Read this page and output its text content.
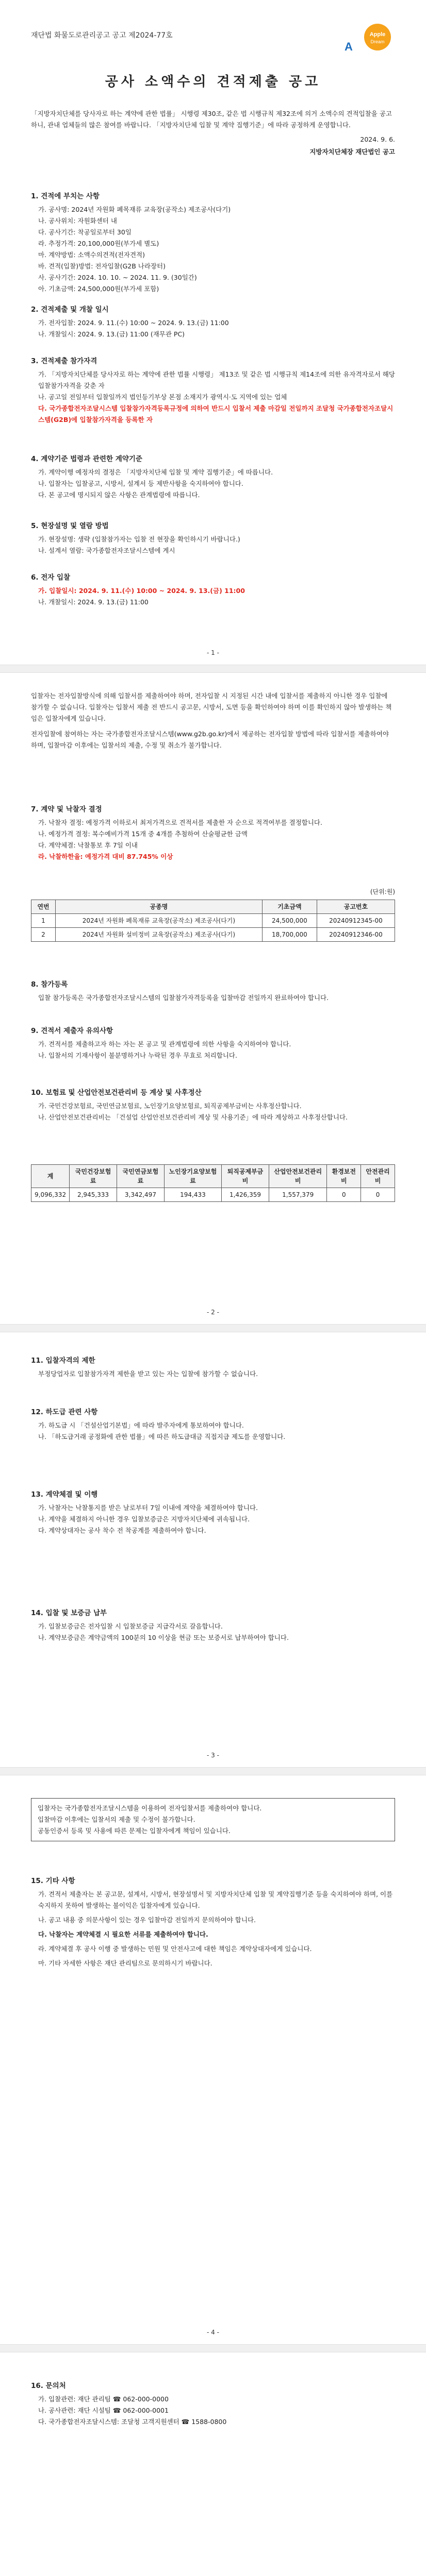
재단법 화물도로관리공고 공고 제2024-77호	Apple
Dream
A
공사 소액수의 견적제출 공고

「지방자치단체를 당사자로 하는 계약에 관한 법률」 시행령 제30조, 같은 법 시행규칙 제32조에 의거 소액수의 견적입찰을 공고하니, 관내 업체들의 많은 참여를 바랍니다. 「지방자치단체 입찰 및 계약 집행기준」에 따라 공정하게 운영합니다.

2024. 9. 6.

지방자치단체장 재단법인 공고

1. 견적에 부치는 사항

가. 공사명: 2024년 자원화 폐목재류 교육장(공작소) 제조공사(다기)

나. 공사위치: 자원화센터 내

다. 공사기간: 착공일로부터 30일

라. 추정가격: 20,100,000원(부가세 별도)

마. 계약방법: 소액수의견적(전자견적)

바. 견적(입찰)방법: 전자입찰(G2B 나라장터)

사. 공사기간: 2024. 10. 10. ~ 2024. 11. 9. (30일간)

아. 기초금액: 24,500,000원(부가세 포함)

2. 견적제출 및 개찰 일시

가. 전자입찰: 2024. 9. 11.(수) 10:00 ~ 2024. 9. 13.(금) 11:00

나. 개찰일시: 2024. 9. 13.(금) 11:00 (재무관 PC)

3. 견적제출 참가자격

가. 「지방자치단체를 당사자로 하는 계약에 관한 법률 시행령」 제13조 및 같은 법 시행규칙 제14조에 의한 유자격자로서 해당 입찰참가자격을 갖춘 자

나. 공고일 전일부터 입찰일까지 법인등기부상 본점 소재지가 광역시·도 지역에 있는 업체

다. 국가종합전자조달시스템 입찰참가자격등록규정에 의하여 반드시 입찰서 제출 마감일 전일까지 조달청 국가종합전자조달시스템(G2B)에 입찰참가자격을 등록한 자

4. 계약기준 법령과 관련한 계약기준

가. 계약이행 예정자의 결정은 「지방자치단체 입찰 및 계약 집행기준」에 따릅니다.

나. 입찰자는 입찰공고, 시방서, 설계서 등 제반사항을 숙지하여야 합니다.

다. 본 공고에 명시되지 않은 사항은 관계법령에 따릅니다.

5. 현장설명 및 열람 방법

가. 현장설명: 생략 (입찰참가자는 입찰 전 현장을 확인하시기 바랍니다.)

나. 설계서 열람: 국가종합전자조달시스템에 게시

6. 전자 입찰

가. 입찰일시: 2024. 9. 11.(수) 10:00 ~ 2024. 9. 13.(금) 11:00

나. 개찰일시: 2024. 9. 13.(금) 11:00

- 1 -

입찰자는 전자입찰방식에 의해 입찰서를 제출하여야 하며, 전자입찰 시 지정된 시간 내에 입찰서를 제출하지 아니한 경우 입찰에 참가할 수 없습니다. 입찰자는 입찰서 제출 전 반드시 공고문, 시방서, 도면 등을 확인하여야 하며 이를 확인하지 않아 발생하는 책임은 입찰자에게 있습니다.

전자입찰에 참여하는 자는 국가종합전자조달시스템(www.g2b.go.kr)에서 제공하는 전자입찰 방법에 따라 입찰서를 제출하여야 하며, 입찰마감 이후에는 입찰서의 제출, 수정 및 취소가 불가합니다.

7. 계약 및 낙찰자 결정

가. 낙찰자 결정: 예정가격 이하로서 최저가격으로 견적서를 제출한 자 순으로 적격여부를 결정합니다.

나. 예정가격 결정: 복수예비가격 15개 중 4개를 추첨하여 산술평균한 금액

다. 계약체결: 낙찰통보 후 7일 이내

라. 낙찰하한율: 예정가격 대비 87.745% 이상

(단위:원)
연번	공종명	기초금액	공고번호
1	2024년 자원화 폐목재류 교육장(공작소) 제조공사(다기)	24,500,000	20240912345-00
2	2024년 자원화 설비정비 교육장(공작소) 제조공사(다기)	18,700,000	20240912346-00
8. 참가등록

입찰 참가등록은 국가종합전자조달시스템의 입찰참가자격등록을 입찰마감 전일까지 완료하여야 합니다.

9. 견적서 제출자 유의사항

가. 견적서를 제출하고자 하는 자는 본 공고 및 관계법령에 의한 사항을 숙지하여야 합니다.

나. 입찰서의 기재사항이 불분명하거나 누락된 경우 무효로 처리합니다.

10. 보험료 및 산업안전보건관리비 등 계상 및 사후정산

가. 국민건강보험료, 국민연금보험료, 노인장기요양보험료, 퇴직공제부금비는 사후정산합니다.

나. 산업안전보건관리비는 「건설업 산업안전보건관리비 계상 및 사용기준」에 따라 계상하고 사후정산합니다.

계	국민건강보험료	국민연금보험료	노인장기요양보험료	퇴직공제부금비	산업안전보건관리비	환경보전비	안전관리비
9,096,332	2,945,333	3,342,497	194,433	1,426,359	1,557,379	0	0
- 2 -
11. 입찰자격의 제한

부정당업자로 입찰참가자격 제한을 받고 있는 자는 입찰에 참가할 수 없습니다.

12. 하도급 관련 사항

가. 하도급 시 「건설산업기본법」에 따라 발주자에게 통보하여야 합니다.

나. 「하도급거래 공정화에 관한 법률」에 따른 하도급대금 직접지급 제도를 운영합니다.

13. 계약체결 및 이행

가. 낙찰자는 낙찰통지를 받은 날로부터 7일 이내에 계약을 체결하여야 합니다.

나. 계약을 체결하지 아니한 경우 입찰보증금은 지방자치단체에 귀속됩니다.

다. 계약상대자는 공사 착수 전 착공계를 제출하여야 합니다.

14. 입찰 및 보증금 납부

가. 입찰보증금은 전자입찰 시 입찰보증금 지급각서로 갈음합니다.

나. 계약보증금은 계약금액의 100분의 10 이상을 현금 또는 보증서로 납부하여야 합니다.

- 3 -

입찰자는 국가종합전자조달시스템을 이용하여 전자입찰서를 제출하여야 합니다.

입찰마감 이후에는 입찰서의 제출 및 수정이 불가합니다.

공동인증서 등록 및 사용에 따른 문제는 입찰자에게 책임이 있습니다.

15. 기타 사항

가. 견적서 제출자는 본 공고문, 설계서, 시방서, 현장설명서 및 지방자치단체 입찰 및 계약집행기준 등을 숙지하여야 하며, 이를 숙지하지 못하여 발생하는 불이익은 입찰자에게 있습니다.

나. 공고 내용 중 의문사항이 있는 경우 입찰마감 전일까지 문의하여야 합니다.

다. 낙찰자는 계약체결 시 필요한 서류를 제출하여야 합니다.

라. 계약체결 후 공사 이행 중 발생하는 민원 및 안전사고에 대한 책임은 계약상대자에게 있습니다.

마. 기타 자세한 사항은 재단 관리팀으로 문의하시기 바랍니다.

- 4 -
16. 문의처

가. 입찰관련: 재단 관리팀 ☎ 062-000-0000

나. 공사관련: 재단 시설팀 ☎ 062-000-0001

다. 국가종합전자조달시스템: 조달청 고객지원센터 ☎ 1588-0800
